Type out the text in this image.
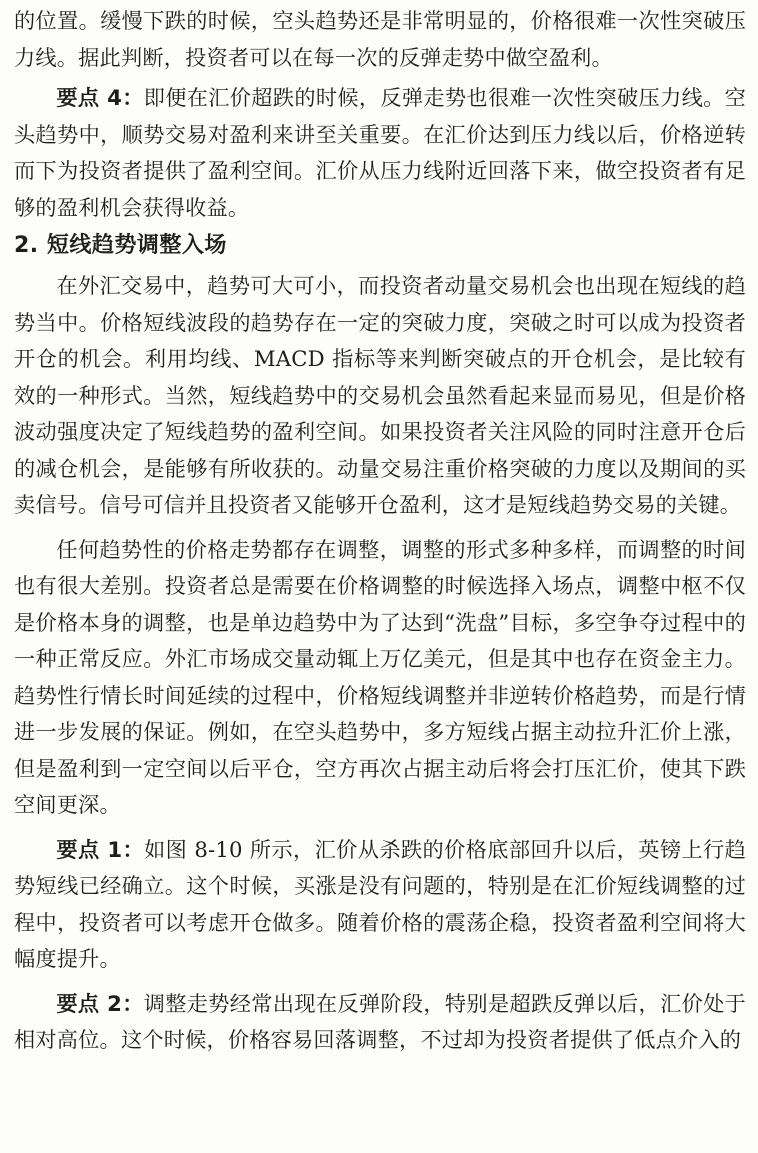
的位置。缓慢下跌的时候，空头趋势还是非常明显的，价格很难一次性突破压力线。据此判断，投资者可以在每一次的反弹走势中做空盈利。

要点 4：即便在汇价超跌的时候，反弹走势也很难一次性突破压力线。空头趋势中，顺势交易对盈利来讲至关重要。在汇价达到压力线以后，价格逆转而下为投资者提供了盈利空间。汇价从压力线附近回落下来，做空投资者有足够的盈利机会获得收益。

2. 短线趋势调整入场

在外汇交易中，趋势可大可小，而投资者动量交易机会也出现在短线的趋势当中。价格短线波段的趋势存在一定的突破力度，突破之时可以成为投资者开仓的机会。利用均线、MACD 指标等来判断突破点的开仓机会，是比较有效的一种形式。当然，短线趋势中的交易机会虽然看起来显而易见，但是价格波动强度决定了短线趋势的盈利空间。如果投资者关注风险的同时注意开仓后的减仓机会，是能够有所收获的。动量交易注重价格突破的力度以及期间的买卖信号。信号可信并且投资者又能够开仓盈利，这才是短线趋势交易的关键。

任何趋势性的价格走势都存在调整，调整的形式多种多样，而调整的时间也有很大差别。投资者总是需要在价格调整的时候选择入场点，调整中枢不仅是价格本身的调整，也是单边趋势中为了达到“洗盘”目标，多空争夺过程中的一种正常反应。外汇市场成交量动辄上万亿美元，但是其中也存在资金主力。趋势性行情长时间延续的过程中，价格短线调整并非逆转价格趋势，而是行情进一步发展的保证。例如，在空头趋势中，多方短线占据主动拉升汇价上涨，但是盈利到一定空间以后平仓，空方再次占据主动后将会打压汇价，使其下跌空间更深。

要点 1：如图 8-10 所示，汇价从杀跌的价格底部回升以后，英镑上行趋势短线已经确立。这个时候，买涨是没有问题的，特别是在汇价短线调整的过程中，投资者可以考虑开仓做多。随着价格的震荡企稳，投资者盈利空间将大幅度提升。

要点 2：调整走势经常出现在反弹阶段，特别是超跌反弹以后，汇价处于相对高位。这个时候，价格容易回落调整，不过却为投资者提供了低点介入的
